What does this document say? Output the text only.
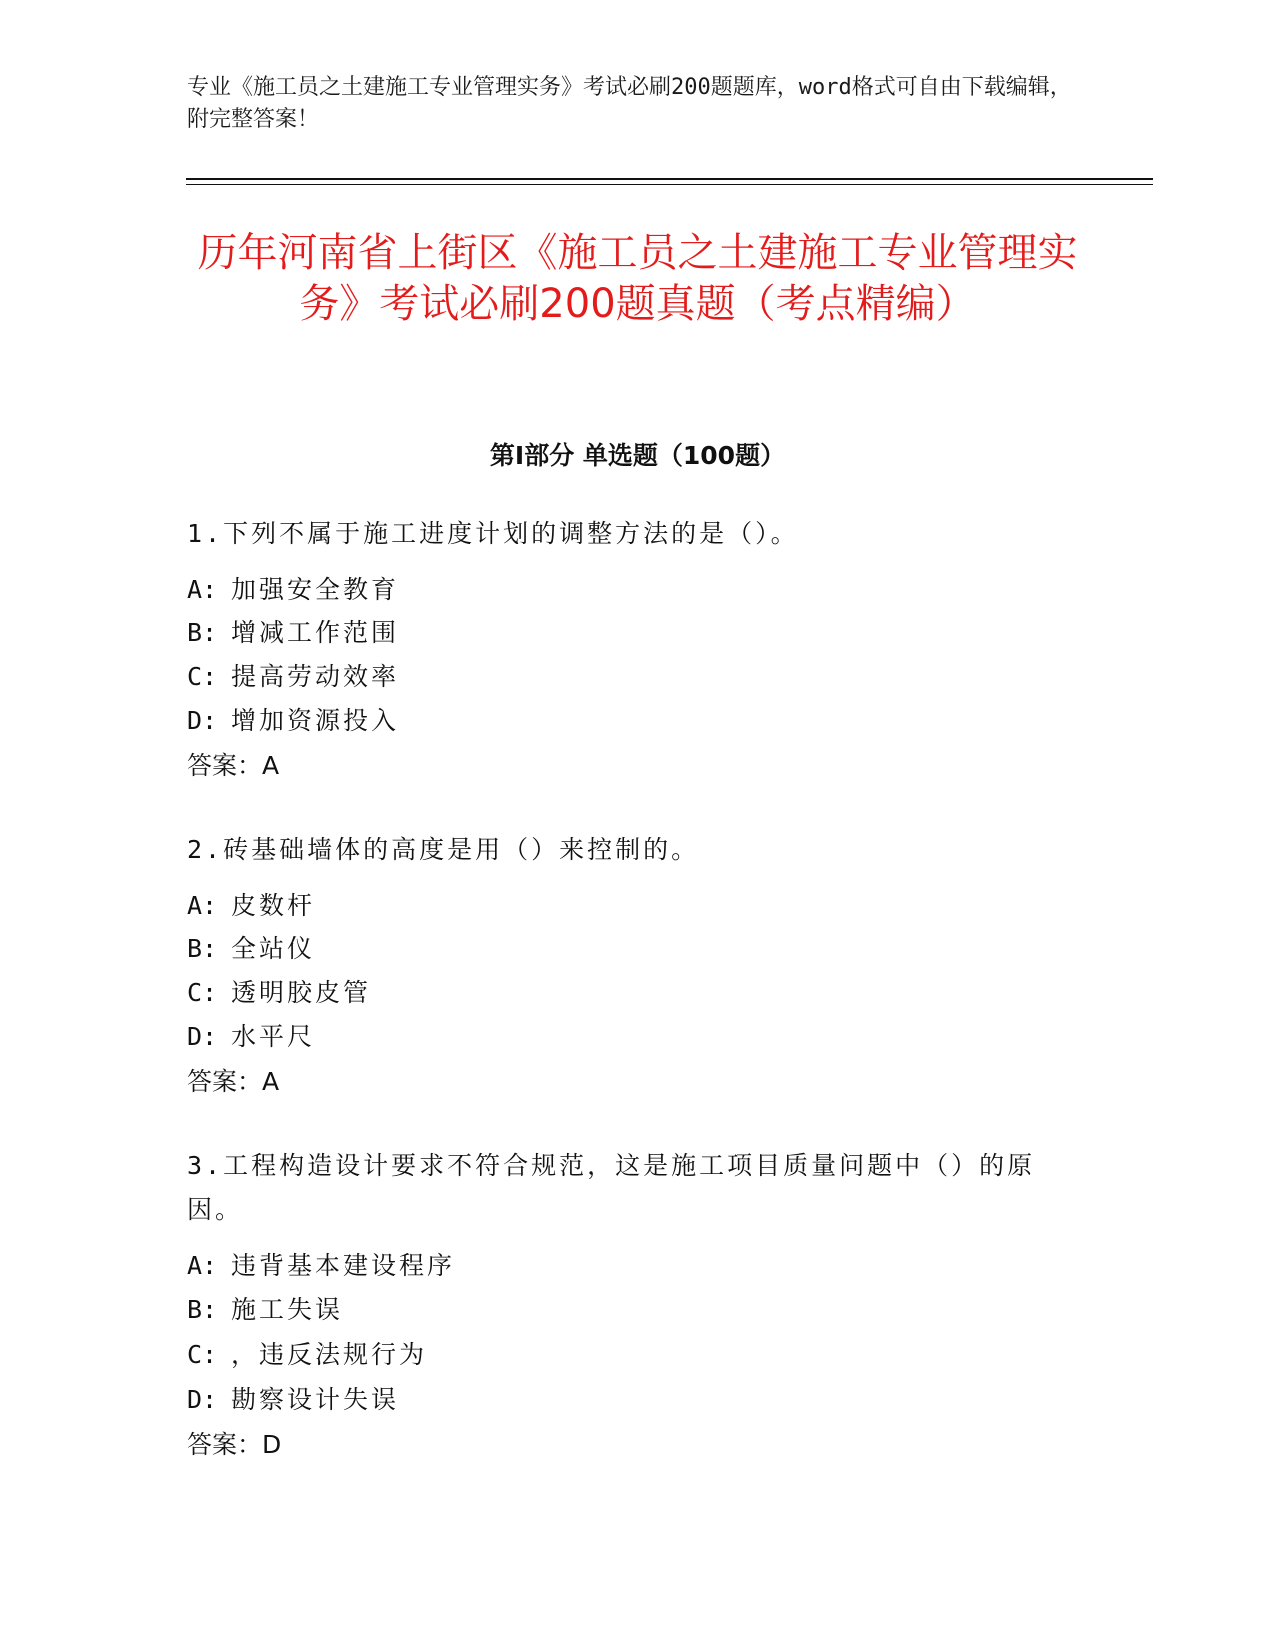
专业《施工员之土建施工专业管理实务》考试必刷200题题库，word格式可自由下载编辑，附完整答案！
历年河南省上街区《施工员之土建施工专业管理实务》考试必刷200题真题（考点精编）
第I部分 单选题（100题）

1.下列不属于施工进度计划的调整方法的是（）。

A: 加强安全教育

B: 增减工作范围

C: 提高劳动效率

D: 增加资源投入

答案：A

2.砖基础墙体的高度是用（）来控制的。

A: 皮数杆

B: 全站仪

C: 透明胶皮管

D: 水平尺

答案：A

3.工程构造设计要求不符合规范，这是施工项目质量问题中（）的原因。

A: 违背基本建设程序

B: 施工失误

C: ，违反法规行为

D: 勘察设计失误

答案：D
